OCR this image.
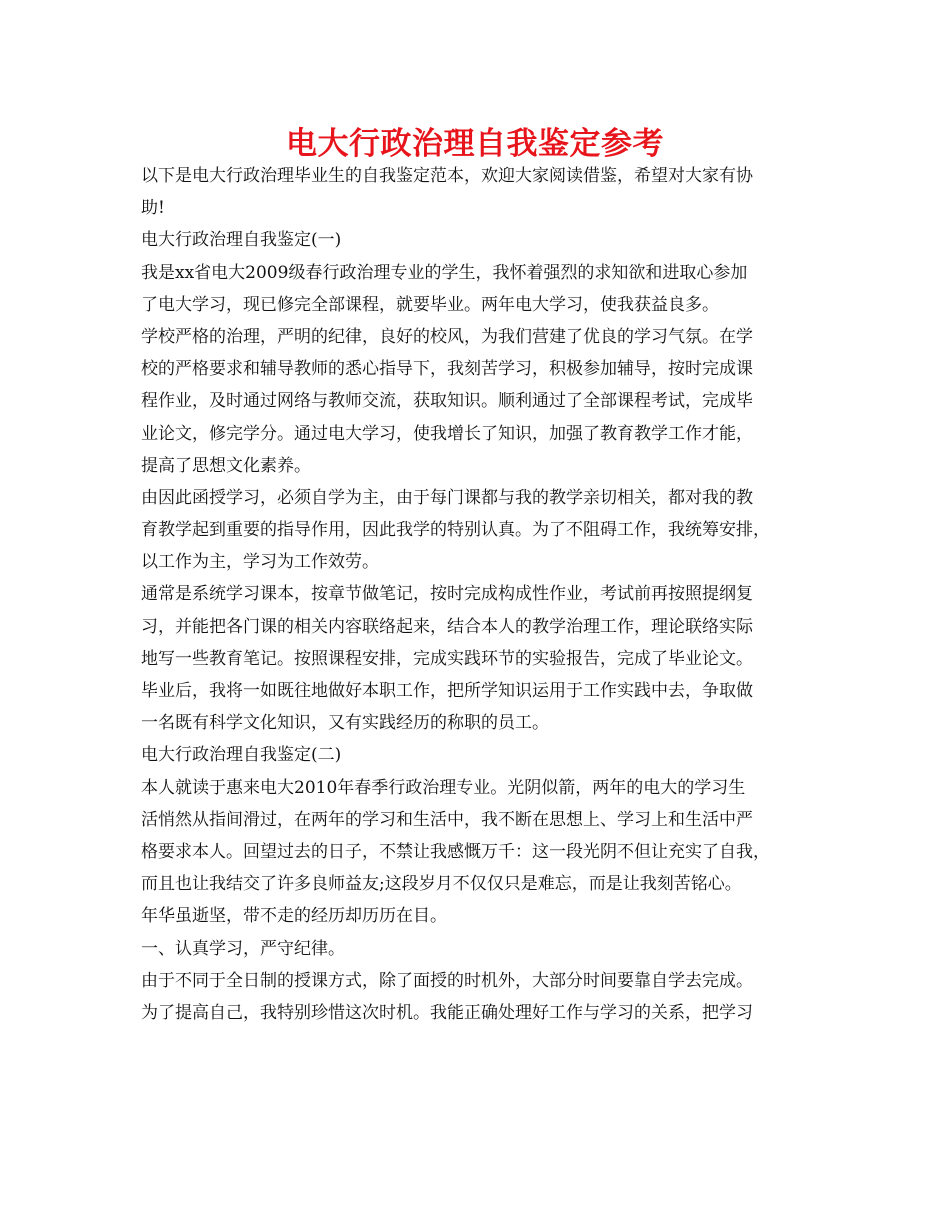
电大行政治理自我鉴定参考
以下是电大行政治理毕业生的自我鉴定范本，欢迎大家阅读借鉴，希望对大家有协
助!
电大行政治理自我鉴定(一)
我是xx省电大2009级春行政治理专业的学生，我怀着强烈的求知欲和进取心参加
了电大学习，现已修完全部课程，就要毕业。两年电大学习，使我获益良多。
学校严格的治理，严明的纪律，良好的校风，为我们营建了优良的学习气氛。在学
校的严格要求和辅导教师的悉心指导下，我刻苦学习，积极参加辅导，按时完成课
程作业，及时通过网络与教师交流，获取知识。顺利通过了全部课程考试，完成毕
业论文，修完学分。通过电大学习，使我增长了知识，加强了教育教学工作才能，
提高了思想文化素养。
由因此函授学习，必须自学为主，由于每门课都与我的教学亲切相关，都对我的教
育教学起到重要的指导作用，因此我学的特别认真。为了不阻碍工作，我统筹安排，
以工作为主，学习为工作效劳。
通常是系统学习课本，按章节做笔记，按时完成构成性作业，考试前再按照提纲复
习，并能把各门课的相关内容联络起来，结合本人的教学治理工作，理论联络实际
地写一些教育笔记。按照课程安排，完成实践环节的实验报告，完成了毕业论文。
毕业后，我将一如既往地做好本职工作，把所学知识运用于工作实践中去，争取做
一名既有科学文化知识，又有实践经历的称职的员工。
电大行政治理自我鉴定(二)
本人就读于惠来电大2010年春季行政治理专业。光阴似箭，两年的电大的学习生
活悄然从指间滑过，在两年的学习和生活中，我不断在思想上、学习上和生活中严
格要求本人。回望过去的日子，不禁让我感慨万千：这一段光阴不但让充实了自我，
而且也让我结交了许多良师益友;这段岁月不仅仅只是难忘，而是让我刻苦铭心。
年华虽逝坚，带不走的经历却历历在目。
一、认真学习，严守纪律。
由于不同于全日制的授课方式，除了面授的时机外，大部分时间要靠自学去完成。
为了提高自己，我特别珍惜这次时机。我能正确处理好工作与学习的关系，把学习
